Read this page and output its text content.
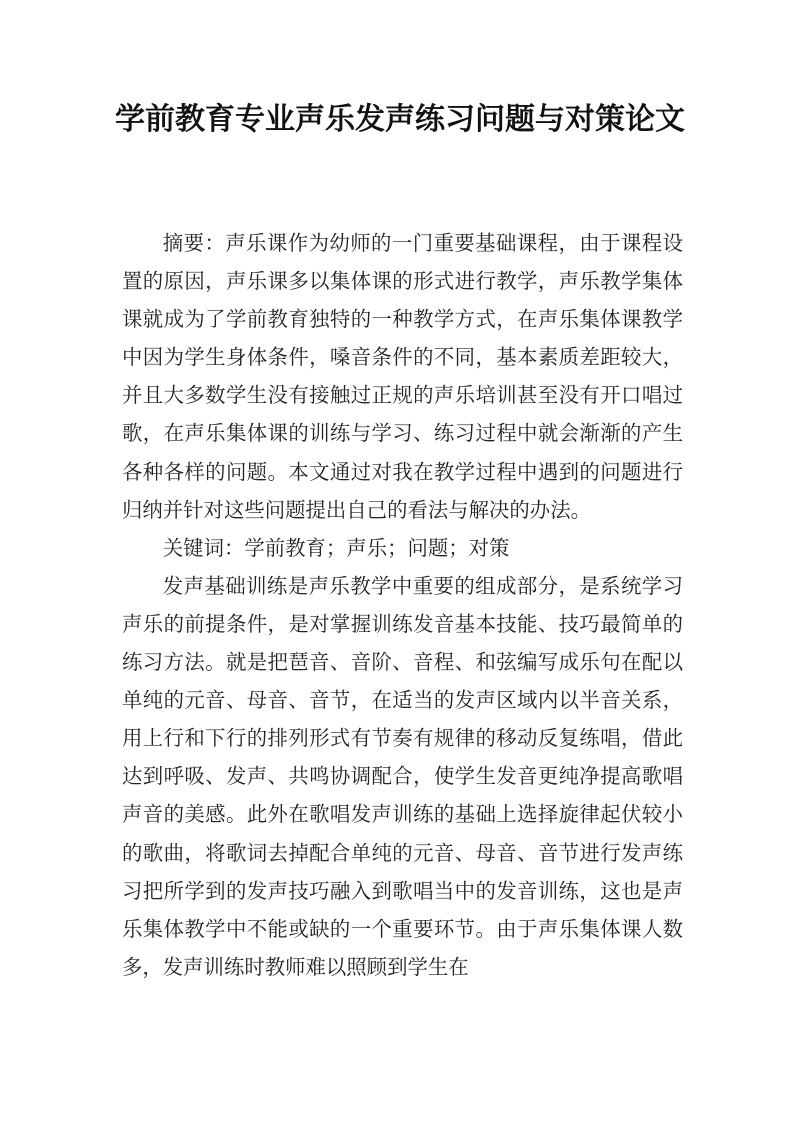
学前教育专业声乐发声练习问题与对策论文

摘要：声乐课作为幼师的一门重要基础课程，由于课程设置的原因，声乐课多以集体课的形式进行教学，声乐教学集体课就成为了学前教育独特的一种教学方式，在声乐集体课教学中因为学生身体条件，嗓音条件的不同，基本素质差距较大，并且大多数学生没有接触过正规的声乐培训甚至没有开口唱过歌，在声乐集体课的训练与学习、练习过程中就会渐渐的产生各种各样的问题。本文通过对我在教学过程中遇到的问题进行归纳并针对这些问题提出自己的看法与解决的办法。

关键词：学前教育；声乐；问题；对策

发声基础训练是声乐教学中重要的组成部分，是系统学习声乐的前提条件，是对掌握训练发音基本技能、技巧最简单的练习方法。就是把琶音、音阶、音程、和弦编写成乐句在配以单纯的元音、母音、音节，在适当的发声区域内以半音关系，用上行和下行的排列形式有节奏有规律的移动反复练唱，借此达到呼吸、发声、共鸣协调配合，使学生发音更纯净提高歌唱声音的美感。此外在歌唱发声训练的基础上选择旋律起伏较小的歌曲，将歌词去掉配合单纯的元音、母音、音节进行发声练习把所学到的发声技巧融入到歌唱当中的发音训练，这也是声乐集体教学中不能或缺的一个重要环节。由于声乐集体课人数多，发声训练时教师难以照顾到学生在
